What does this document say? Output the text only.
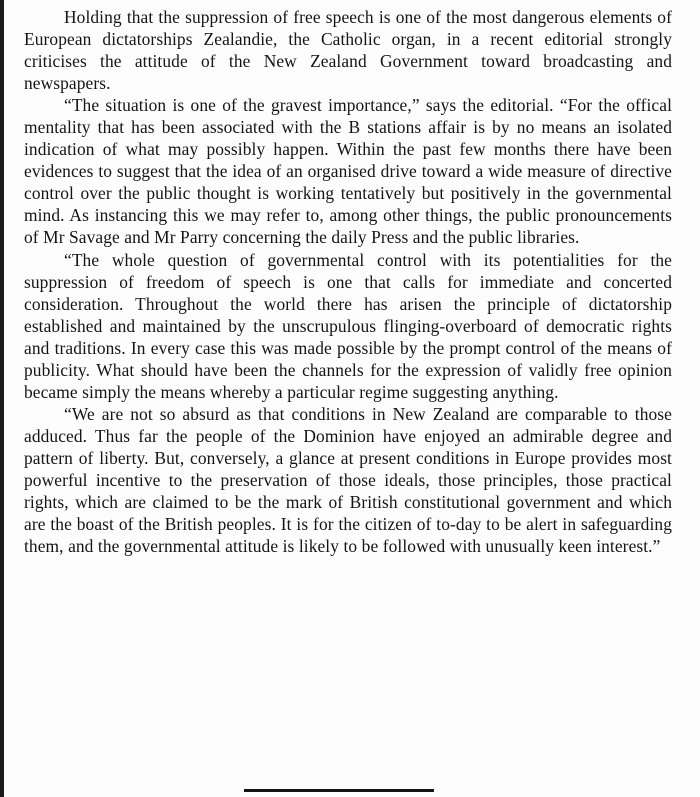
Holding that the suppression of free speech is one of the most dangerous elements of European dictatorships Zealandie, the Catholic organ, in a recent editorial strongly criticises the attitude of the New Zealand Government toward broadcasting and newspapers.

“The situation is one of the gravest importance,” says the editorial. “For the offical mentality that has been associated with the B stations affair is by no means an isolated indication of what may possibly happen. Within the past few months there have been evidences to suggest that the idea of an organised drive toward a wide measure of directive control over the public thought is working tentatively but positively in the governmental mind. As instancing this we may refer to, among other things, the public pronouncements of Mr Savage and Mr Parry concerning the daily Press and the public libraries.

“The whole question of governmental control with its potentialities for the suppression of freedom of speech is one that calls for immediate and concerted consideration. Throughout the world there has arisen the principle of dictatorship established and maintained by the unscrupulous flinging-overboard of democratic rights and traditions. In every case this was made possible by the prompt control of the means of publicity. What should have been the channels for the expression of validly free opinion became simply the means whereby a particular regime suggesting anything.

“We are not so absurd as that conditions in New Zealand are comparable to those adduced. Thus far the people of the Dominion have enjoyed an admirable degree and pattern of liberty. But, conversely, a glance at present conditions in Europe provides most powerful incentive to the preservation of those ideals, those principles, those practical rights, which are claimed to be the mark of British constitutional government and which are the boast of the British peoples. It is for the citizen of to-day to be alert in safeguarding them, and the governmental attitude is likely to be followed with unusually keen interest.”
